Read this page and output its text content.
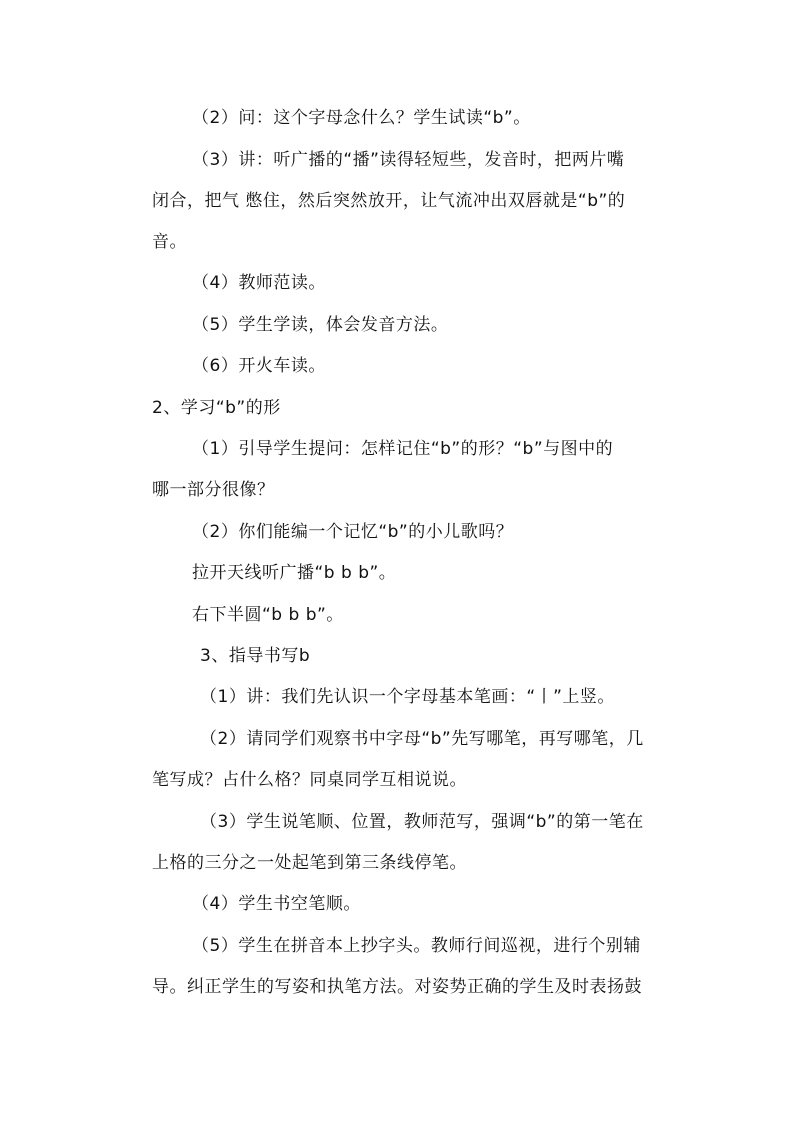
（2）问：这个字母念什么？学生试读“b”。
（3）讲：听广播的“播”读得轻短些，发音时，把两片嘴
闭合，把气 憋住，然后突然放开，让气流冲出双唇就是“b”的
音。
（4）教师范读。
（5）学生学读，体会发音方法。
（6）开火车读。
2、学习“b”的形
（1）引导学生提问：怎样记住“b”的形？“b”与图中的
哪一部分很像？
（2）你们能编一个记忆“b”的小儿歌吗？
拉开天线听广播“b b b”。
右下半圆“b b b”。
3、指导书写b
（1）讲：我们先认识一个字母基本笔画：“丨”上竖。
（2）请同学们观察书中字母“b”先写哪笔，再写哪笔，几
笔写成？占什么格？同桌同学互相说说。
（3）学生说笔顺、位置，教师范写，强调“b”的第一笔在
上格的三分之一处起笔到第三条线停笔。
（4）学生书空笔顺。
（5）学生在拼音本上抄字头。教师行间巡视，进行个别辅
导。纠正学生的写姿和执笔方法。对姿势正确的学生及时表扬鼓
